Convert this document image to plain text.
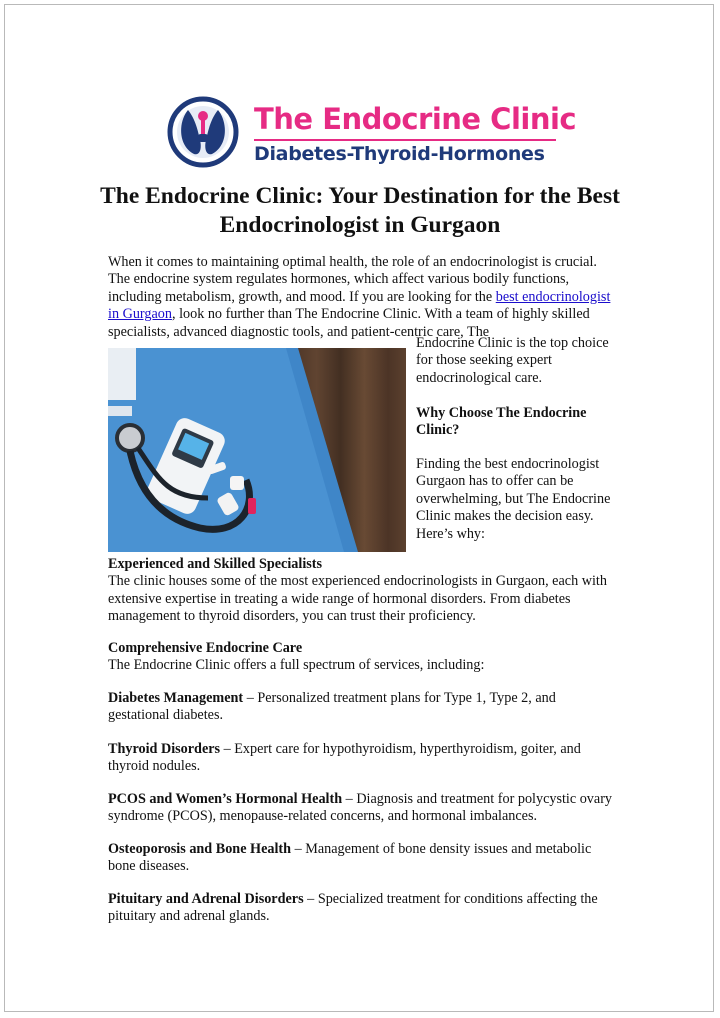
The Endocrine Clinic
Diabetes-Thyroid-Hormones
The Endocrine Clinic: Your Destination for the Best Endocrinologist in Gurgaon

When it comes to maintaining optimal health, the role of an endocrinologist is crucial. The endocrine system regulates hormones, which affect various bodily functions, including metabolism, growth, and mood. If you are looking for the best endocrinologist in Gurgaon, look no further than The Endocrine Clinic. With a team of highly skilled specialists, advanced diagnostic tools, and patient-centric care, The

Endocrine Clinic is the top choice for those seeking expert endocrinological care.

Why Choose The Endocrine Clinic?

Finding the best endocrinologist Gurgaon has to offer can be overwhelming, but The Endocrine Clinic makes the decision easy. Here’s why:

Experienced and Skilled Specialists
The clinic houses some of the most experienced endocrinologists in Gurgaon, each with extensive expertise in treating a wide range of hormonal disorders. From diabetes management to thyroid disorders, you can trust their proficiency.

Comprehensive Endocrine Care
The Endocrine Clinic offers a full spectrum of services, including:

Diabetes Management – Personalized treatment plans for Type 1, Type 2, and gestational diabetes.

Thyroid Disorders – Expert care for hypothyroidism, hyperthyroidism, goiter, and thyroid nodules.

PCOS and Women’s Hormonal Health – Diagnosis and treatment for polycystic ovary syndrome (PCOS), menopause-related concerns, and hormonal imbalances.

Osteoporosis and Bone Health – Management of bone density issues and metabolic bone diseases.

Pituitary and Adrenal Disorders – Specialized treatment for conditions affecting the pituitary and adrenal glands.
